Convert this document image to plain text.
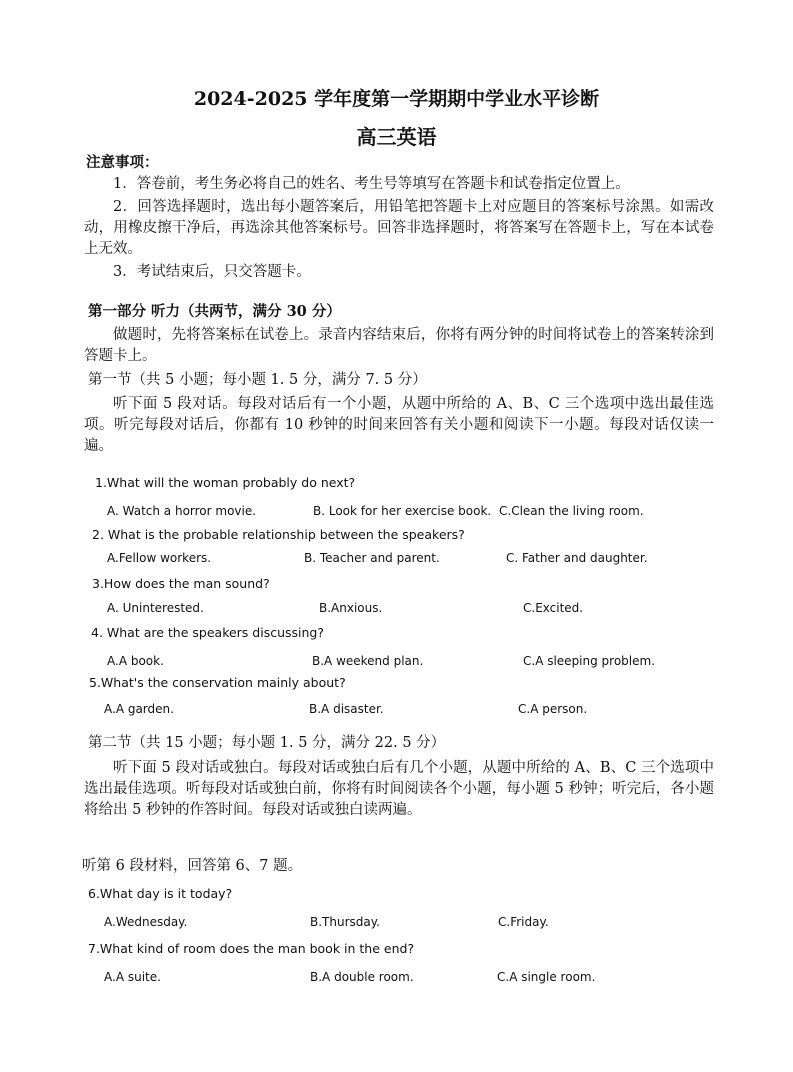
2024-2025 学年度第一学期期中学业水平诊断
高三英语
注意事项：
1．答卷前，考生务必将自己的姓名、考生号等填写在答题卡和试卷指定位置上。
2．回答选择题时，选出每小题答案后，用铅笔把答题卡上对应题目的答案标号涂黑。如需改动，用橡皮擦干净后，再选涂其他答案标号。回答非选择题时，将答案写在答题卡上，写在本试卷上无效。
3．考试结束后，只交答题卡。
第一部分 听力（共两节，满分 30 分）
做题时，先将答案标在试卷上。录音内容结束后，你将有两分钟的时间将试卷上的答案转涂到答题卡上。
第一节（共 5 小题；每小题 1. 5 分，满分 7. 5 分）
听下面 5 段对话。每段对话后有一个小题，从题中所给的 A、B、C 三个选项中选出最佳选项。听完每段对话后，你都有 10 秒钟的时间来回答有关小题和阅读下一小题。每段对话仅读一遍。
1.What will the woman probably do next?
A. Watch a horror movie.	B. Look for her exercise book. C.Clean the living room.
2. What is the probable relationship between the speakers?
A.Fellow workers.	B. Teacher and parent.	C. Father and daughter.
3.How does the man sound?
A. Uninterested.	B.Anxious.	C.Excited.
4. What are the speakers discussing?
A.A book.	B.A weekend plan.	C.A sleeping problem.
5.What's the conservation mainly about?
A.A garden.	B.A disaster.	C.A person.
第二节（共 15 小题；每小题 1. 5 分，满分 22. 5 分）
听下面 5 段对话或独白。每段对话或独白后有几个小题，从题中所给的 A、B、C 三个选项中选出最佳选项。听每段对话或独白前，你将有时间阅读各个小题，每小题 5 秒钟；听完后，各小题将给出 5 秒钟的作答时间。每段对话或独白读两遍。
听第 6 段材料，回答第 6、7 题。
6.What day is it today?
A.Wednesday.	B.Thursday.	C.Friday.
7.What kind of room does the man book in the end?
A.A suite.	B.A double room.	C.A single room.
